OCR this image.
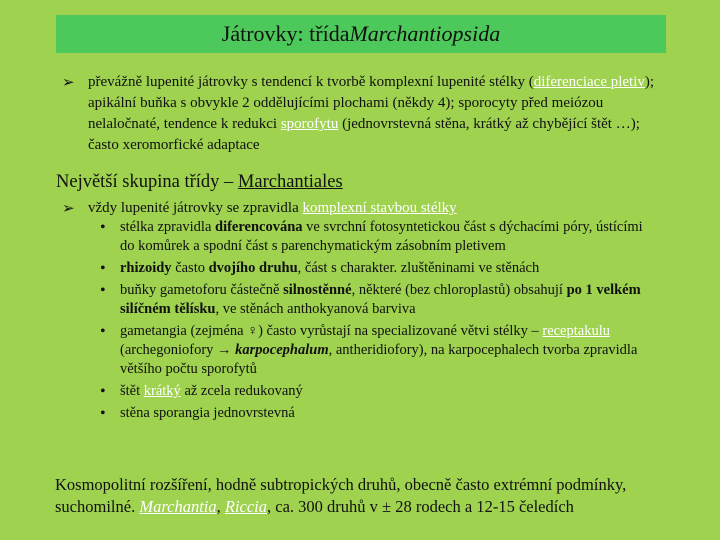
Játrovky: třída Marchantiopsida
➢ převážně lupenité játrovky s tendencí k tvorbě komplexní lupenité stélky (diferenciace pletiv); apikální buňka s obvykle 2 oddělujícími plochami (někdy 4); sporocyty před meiózou nelaločnaté, tendence k redukci sporofytu (jednovrstevná stěna, krátký až chybějící štět …); často xeromorfické adaptace
Největší skupina třídy – Marchantiales
➢ vždy lupenité játrovky se zpravidla komplexní stavbou stélky
• stélka zpravidla diferencována ve svrchní fotosyntetickou část s dýchacími póry, ústícími do komůrek a spodní část s parenchymatickým zásobním pletivem
• rhizoidy často dvojího druhu, část s charakter. zluštěninami ve stěnách
• buňky gametoforu částečně silnostěnné, některé (bez chloroplastů) obsahují po 1 velkém silíčném tělísku, ve stěnách anthokyanová barviva
• gametangia (zejména ♀) často vyrůstají na specializované větvi stélky – receptakulu (archegoniofory → karpocephalum, antheridiofory), na karpocephalech tvorba zpravidla většího počtu sporofytů
• štět krátký až zcela redukovaný
• stěna sporangia jednovrstevná
Kosmopolitní rozšíření, hodně subtropických druhů, obecně často extrémní podmínky, suchomilné. Marchantia, Riccia, ca. 300 druhů v ± 28 rodech a 12-15 čeledích
